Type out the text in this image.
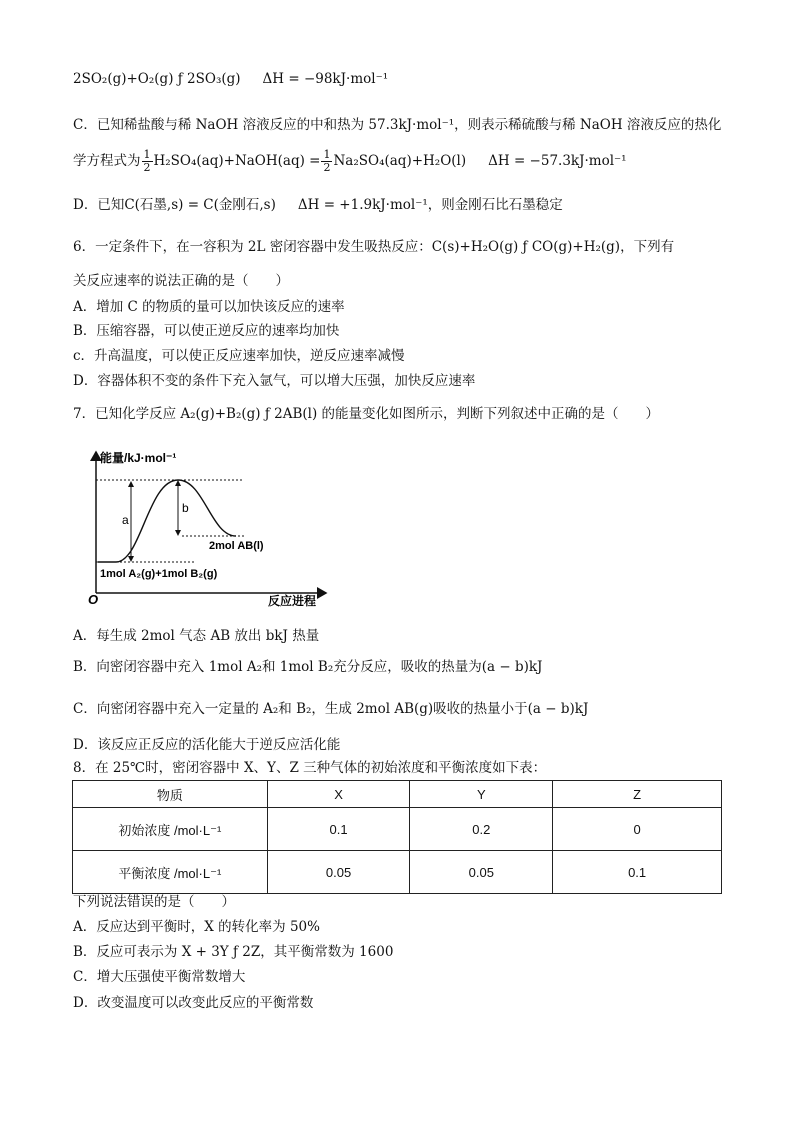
2SO₂(g)+O₂(g) ƒ 2SO₃(g) ΔH = −98kJ·mol⁻¹
C．已知稀盐酸与稀 NaOH 溶液反应的中和热为 57.3kJ·mol⁻¹，则表示稀硫酸与稀 NaOH 溶液反应的热化
学方程式为 $\frac{1}{2}$ H₂SO₄(aq)+NaOH(aq) = $\frac{1}{2} Na_2SO_4(aq)+H_2O(l) \Delta H = -57.3kJ\cdot mol^{-1}$
D．已知C(石墨,s) = C(金刚石,s) ΔH = +1.9kJ·mol⁻¹，则金刚石比石墨稳定
6．一定条件下，在一容积为 2L 密闭容器中发生吸热反应：C(s)+H₂O(g) ƒ CO(g)+H₂(g)，下列有
关反应速率的说法正确的是（　　）
A．增加 C 的物质的量可以加快该反应的速率
B．压缩容器，可以使正逆反应的速率均加快
c．升高温度，可以使正反应速率加快，逆反应速率减慢
D．容器体积不变的条件下充入氩气，可以增大压强，加快反应速率
7．已知化学反应 A₂(g)+B₂(g) ƒ 2AB(l) 的能量变化如图所示，判断下列叙述中正确的是（　　）
能量/kJ·mol⁻¹
反应进程
O
a
b
2mol AB(l)
1mol A₂(g)+1mol B₂(g)
A．每生成 2mol 气态 AB 放出 bkJ 热量
B．向密闭容器中充入 1mol A₂和 1mol B₂充分反应，吸收的热量为(a − b)kJ
C．向密闭容器中充入一定量的 A₂和 B₂，生成 2mol AB(g)吸收的热量小于(a − b)kJ
D．该反应正反应的活化能大于逆反应活化能
8．在 25℃时，密闭容器中 X、Y、Z 三种气体的初始浓度和平衡浓度如下表：
物质	X	Y	Z
初始浓度 /mol·L⁻¹	0.1	0.2	0
平衡浓度 /mol·L⁻¹	0.05	0.05	0.1
下列说法错误的是（　　）
A．反应达到平衡时，X 的转化率为 50%
B．反应可表示为 X + 3Y ƒ 2Z，其平衡常数为 1600
C．增大压强使平衡常数增大
D．改变温度可以改变此反应的平衡常数
